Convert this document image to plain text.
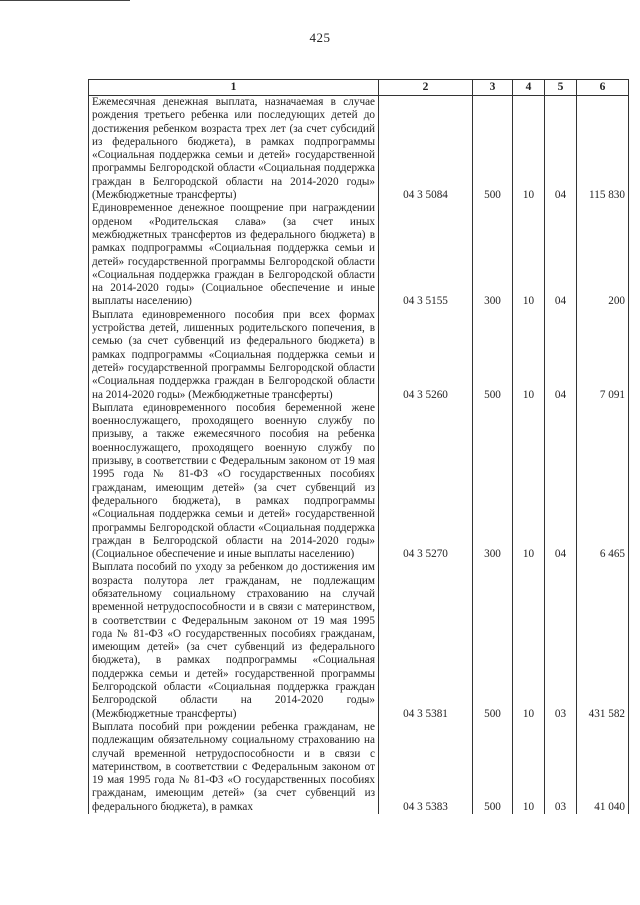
425
1	2	3	4	5	6
Ежемесячная денежная выплата, назначаемая в случае рождения третьего ребенка или последующих детей до достижения ребенком возраста трех лет (за счет субсидий из федерального бюджета), в рамках подпрограммы «Социальная поддержка семьи и детей» государственной программы Белгородской области «Социальная поддержка граждан в Белгородской области на 2014-2020 годы» (Межбюджетные трансферты)	04 3 5084	500	10	04	115 830
Единовременное денежное поощрение при награждении орденом «Родительская слава» (за счет иных межбюджетных трансфертов из федерального бюджета) в рамках подпрограммы «Социальная поддержка семьи и детей» государственной программы Белгородской области «Социальная поддержка граждан в Белгородской области на 2014-2020 годы» (Социальное обеспечение и иные выплаты населению)	04 3 5155	300	10	04	200
Выплата единовременного пособия при всех формах устройства детей, лишенных родительского попечения, в семью (за счет субвенций из федерального бюджета) в рамках подпрограммы «Социальная поддержка семьи и детей» государственной программы Белгородской области «Социальная поддержка граждан в Белгородской области на 2014-2020 годы» (Межбюджетные трансферты)	04 3 5260	500	10	04	7 091
Выплата единовременного пособия беременной жене военнослужащего, проходящего военную службу по призыву, а также ежемесячного пособия на ребенка военнослужащего, проходящего военную службу по призыву, в соответствии с Федеральным законом от 19 мая 1995 года № 81-ФЗ «О государственных пособиях гражданам, имеющим детей» (за счет субвенций из федерального бюджета), в рамках подпрограммы «Социальная поддержка семьи и детей» государственной программы Белгородской области «Социальная поддержка граждан в Белгородской области на 2014-2020 годы» (Социальное обеспечение и иные выплаты населению)	04 3 5270	300	10	04	6 465
Выплата пособий по уходу за ребенком до достижения им возраста полутора лет гражданам, не подлежащим обязательному социальному страхованию на случай временной нетрудоспособности и в связи с материнством, в соответствии с Федеральным законом от 19 мая 1995 года № 81-ФЗ «О государственных пособиях гражданам, имеющим детей» (за счет субвенций из федерального бюджета), в рамках подпрограммы «Социальная поддержка семьи и детей» государственной программы Белгородской области «Социальная поддержка граждан Белгородской области на 2014-2020 годы» (Межбюджетные трансферты)	04 3 5381	500	10	03	431 582
Выплата пособий при рождении ребенка гражданам, не подлежащим обязательному социальному страхованию на случай временной нетрудоспособности и в связи с материнством, в соответствии с Федеральным законом от 19 мая 1995 года № 81-ФЗ «О государственных пособиях гражданам, имеющим детей» (за счет субвенций из федерального бюджета), в рамках	04 3 5383	500	10	03	41 040
